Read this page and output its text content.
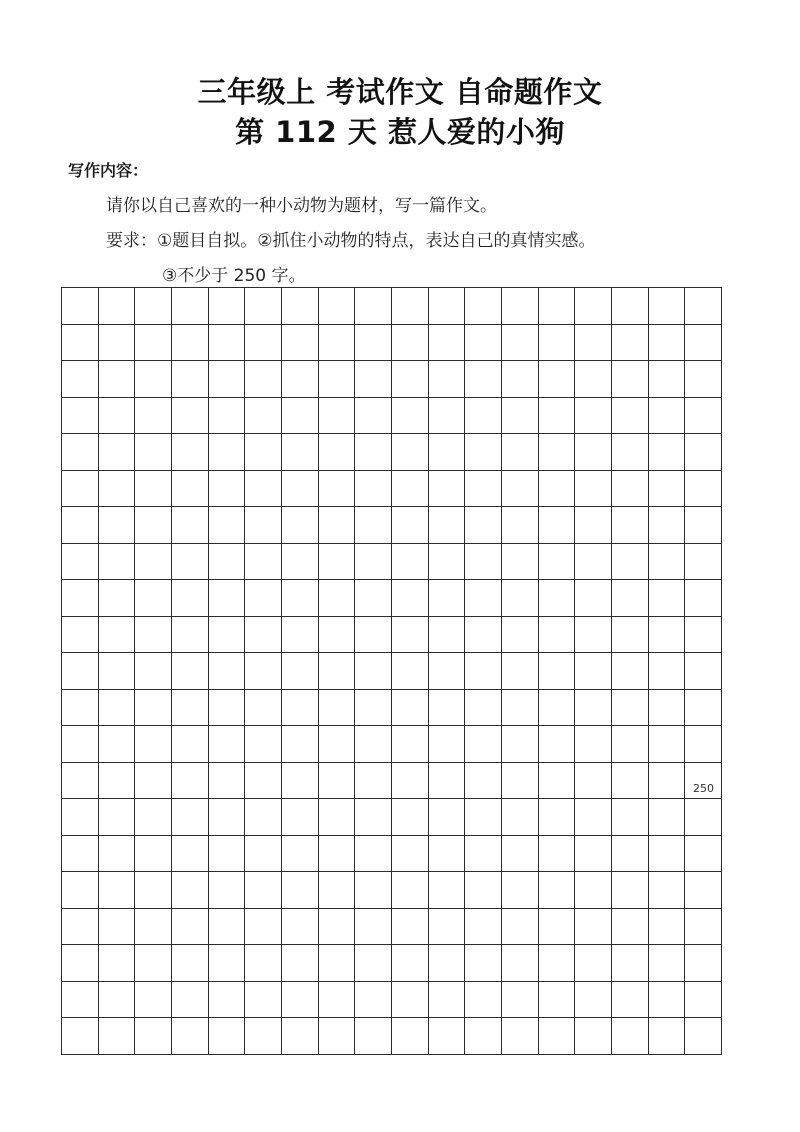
三年级上 考试作文 自命题作文
第 112 天 惹人爱的小狗
写作内容：
请你以自己喜欢的一种小动物为题材，写一篇作文。
要求：①题目自拟。②抓住小动物的特点，表达自己的真情实感。
③不少于 250 字。
250
